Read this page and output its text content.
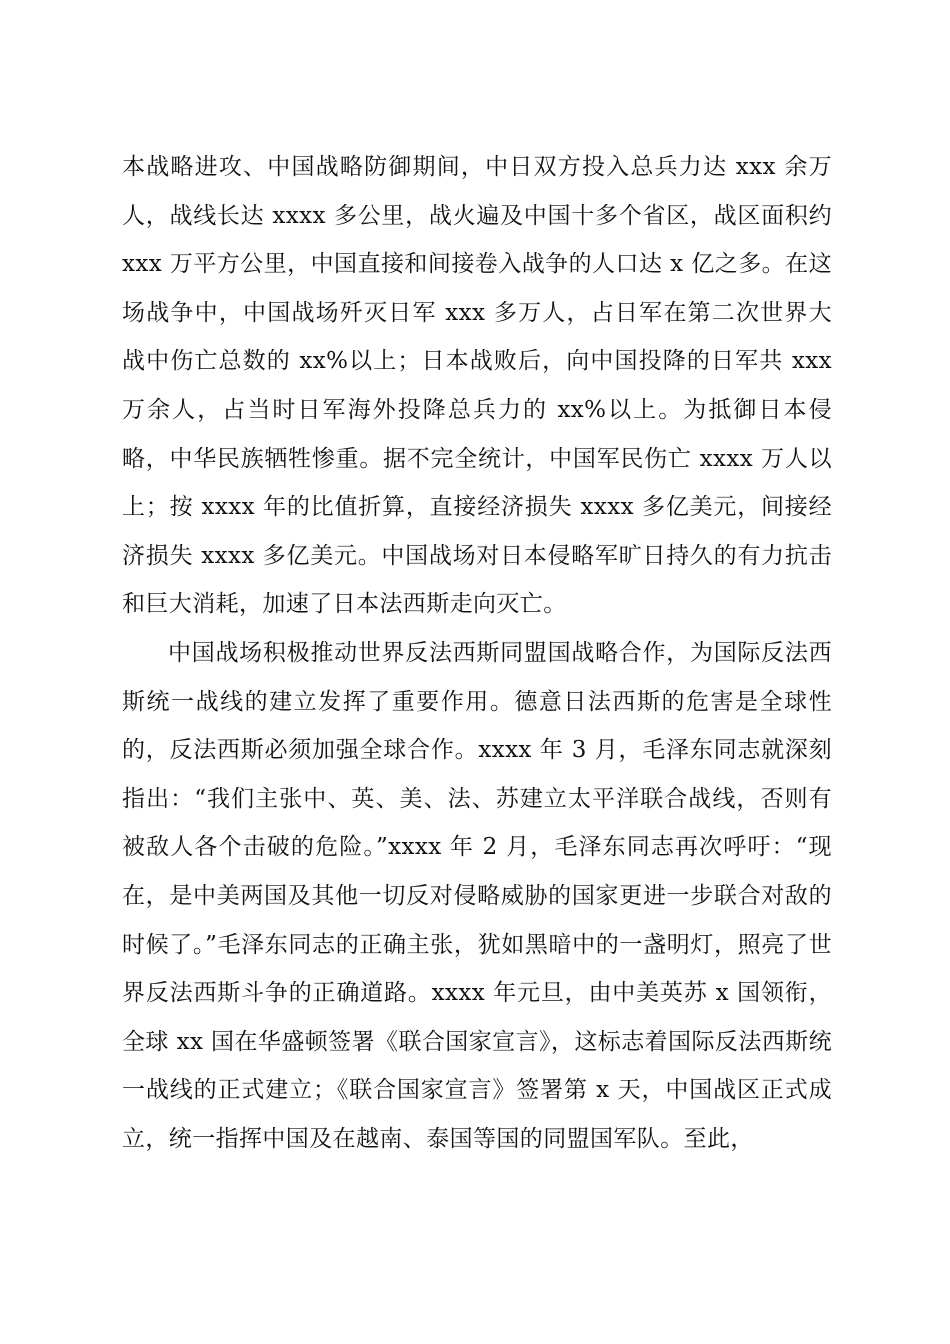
本战略进攻、中国战略防御期间，中日双方投入总兵力达 xxx 余万人，战线长达 xxxx 多公里，战火遍及中国十多个省区，战区面积约 xxx 万平方公里，中国直接和间接卷入战争的人口达 x 亿之多。在这场战争中，中国战场歼灭日军 xxx 多万人，占日军在第二次世界大战中伤亡总数的 xx%以上；日本战败后，向中国投降的日军共 xxx 万余人，占当时日军海外投降总兵力的 xx%以上。为抵御日本侵略，中华民族牺牲惨重。据不完全统计，中国军民伤亡 xxxx 万人以上；按 xxxx 年的比值折算，直接经济损失 xxxx 多亿美元，间接经济损失 xxxx 多亿美元。中国战场对日本侵略军旷日持久的有力抗击和巨大消耗，加速了日本法西斯走向灭亡。

中国战场积极推动世界反法西斯同盟国战略合作，为国际反法西斯统一战线的建立发挥了重要作用。德意日法西斯的危害是全球性的，反法西斯必须加强全球合作。xxxx 年 3 月，毛泽东同志就深刻指出：“我们主张中、英、美、法、苏建立太平洋联合战线，否则有被敌人各个击破的危险。”xxxx 年 2 月，毛泽东同志再次呼吁：“现在，是中美两国及其他一切反对侵略威胁的国家更进一步联合对敌的时候了。”毛泽东同志的正确主张，犹如黑暗中的一盏明灯，照亮了世界反法西斯斗争的正确道路。xxxx 年元旦，由中美英苏 x 国领衔，全球 xx 国在华盛顿签署《联合国家宣言》，这标志着国际反法西斯统一战线的正式建立；《联合国家宣言》签署第 x 天，中国战区正式成立，统一指挥中国及在越南、泰国等国的同盟国军队。至此，
